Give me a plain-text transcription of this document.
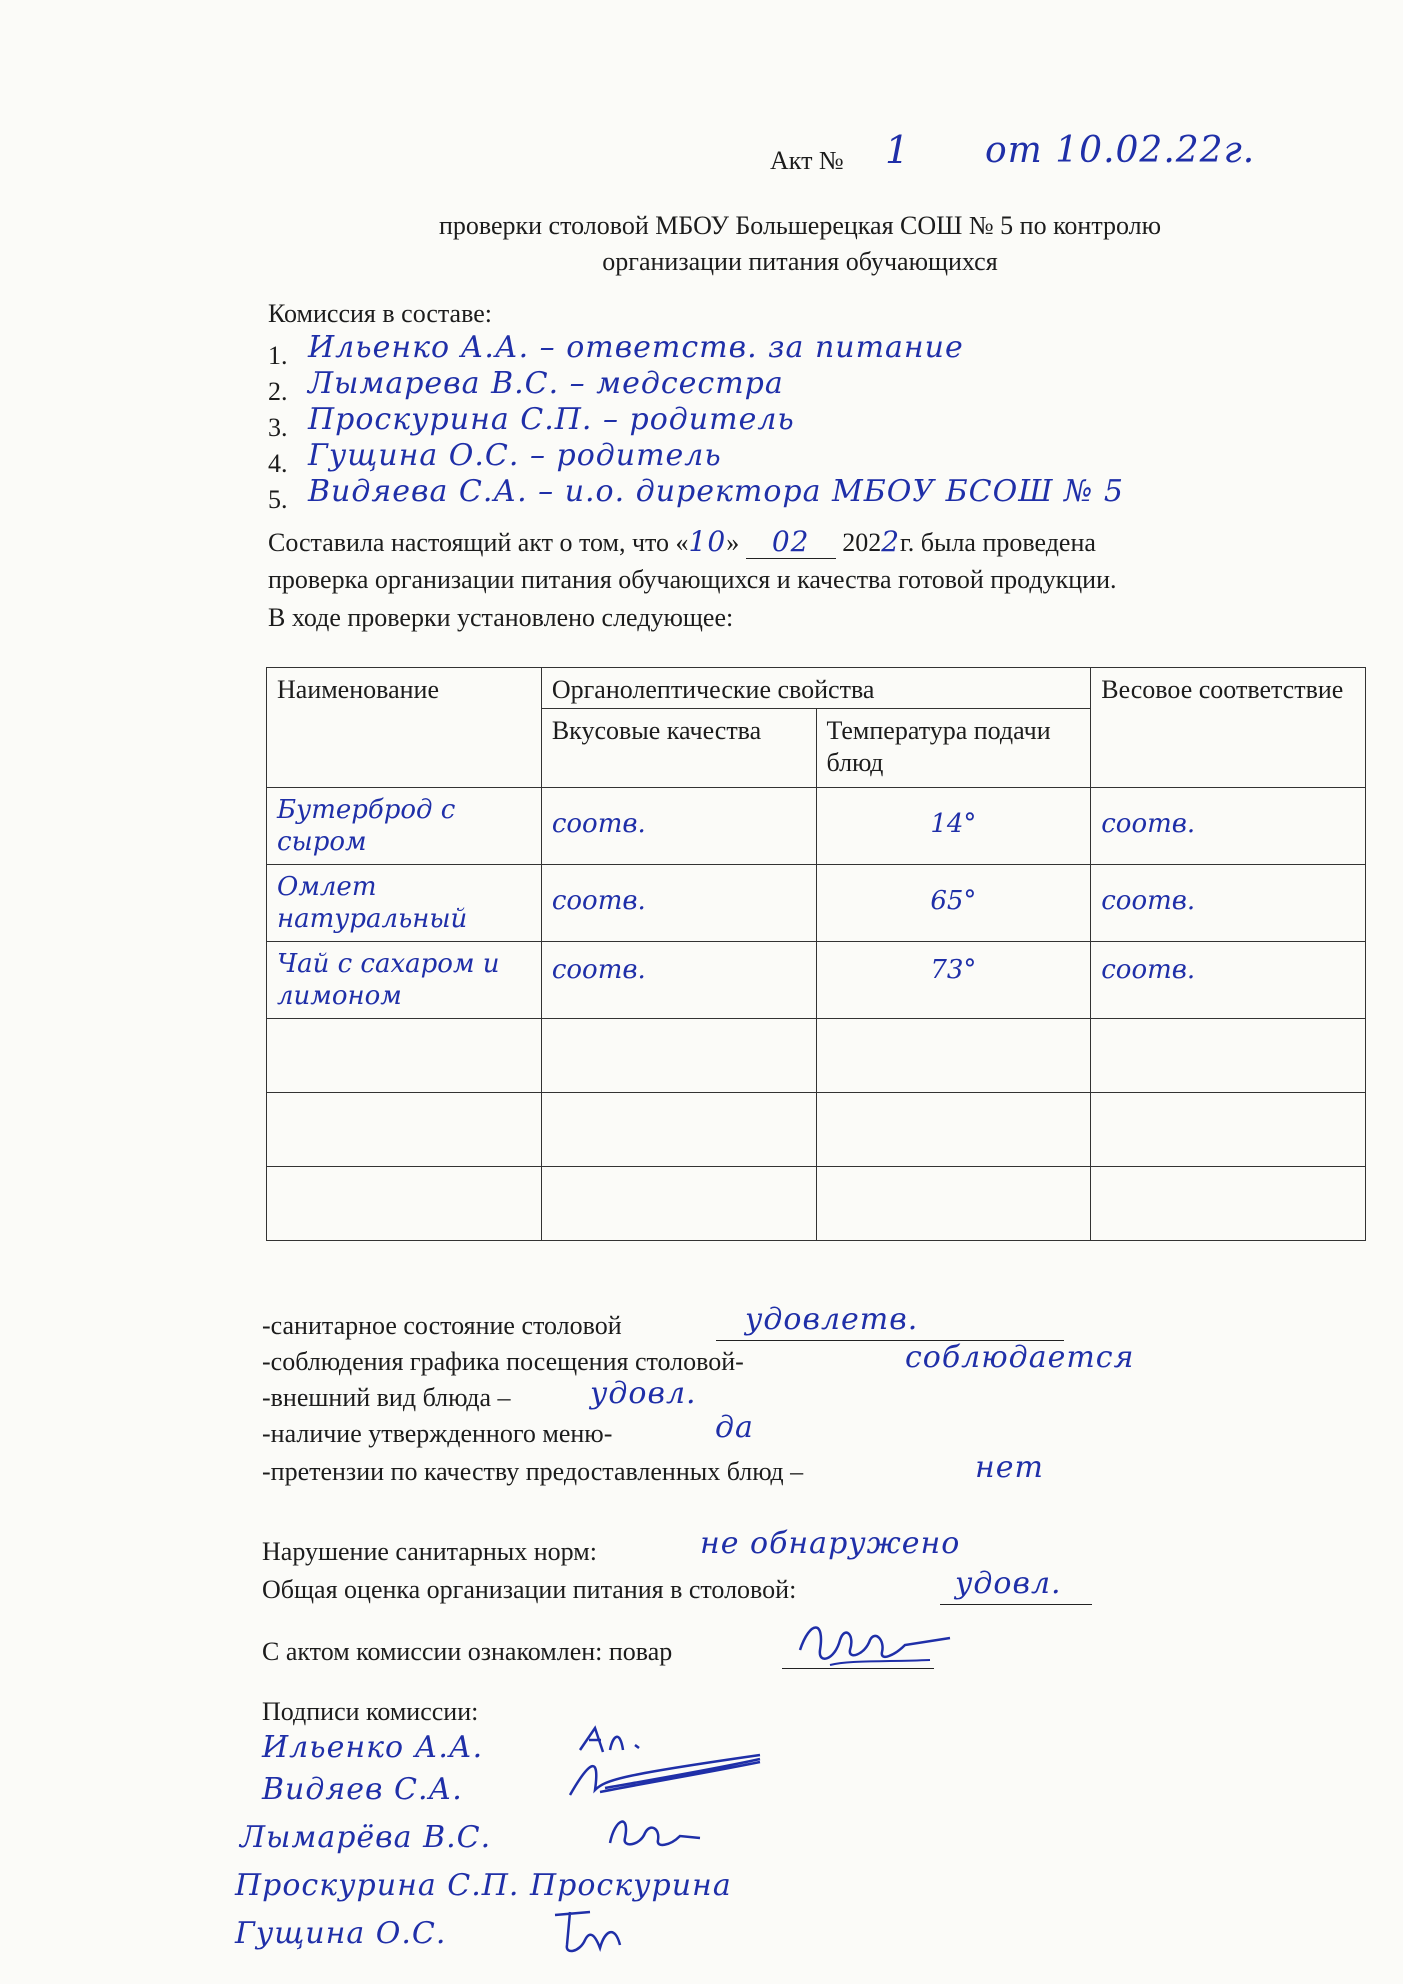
Акт № 1 от 10.02.22г.
проверки столовой МБОУ Большерецкая СОШ № 5 по контролю
организации питания обучающихся
Комиссия в составе:
1. Ильенко А.А. – ответств. за питание
2. Лымарева В.С. – медсестра
3. Проскурина С.П. – родитель
4. Гущина О.С. – родитель
5. Видяева С.А. – и.о. директора МБОУ БСОШ № 5
Составила настоящий акт о том, что «10» 02 2022г. была проведена
проверка организации питания обучающихся и качества готовой продукции.
В ходе проверки установлено следующее:
Наименование	Органолептические свойства		Весовое соответствие
	Вкусовые качества	Температура подачи блюд	
Бутерброд с сыром	соотв.	14°	соотв.
Омлет натуральный	соотв.	65°	соотв.
Чай с сахаром и лимоном	соотв.	73°	соотв.

-санитарное состояние столовой	удовлетв.
-соблюдения графика посещения столовой-	соблюдается
-внешний вид блюда –	удовл.
-наличие утвержденного меню-	да
-претензии по качеству предоставленных блюд –	нет
Нарушение санитарных норм:	не обнаружено
Общая оценка организации питания в столовой:	удовл.
С актом комиссии ознакомлен: повар
Подписи комиссии:
Ильенко А.А.
Видяев С.А.
Лымарёва В.С.
Проскурина С.П. Проскурина
Гущина О.С.
